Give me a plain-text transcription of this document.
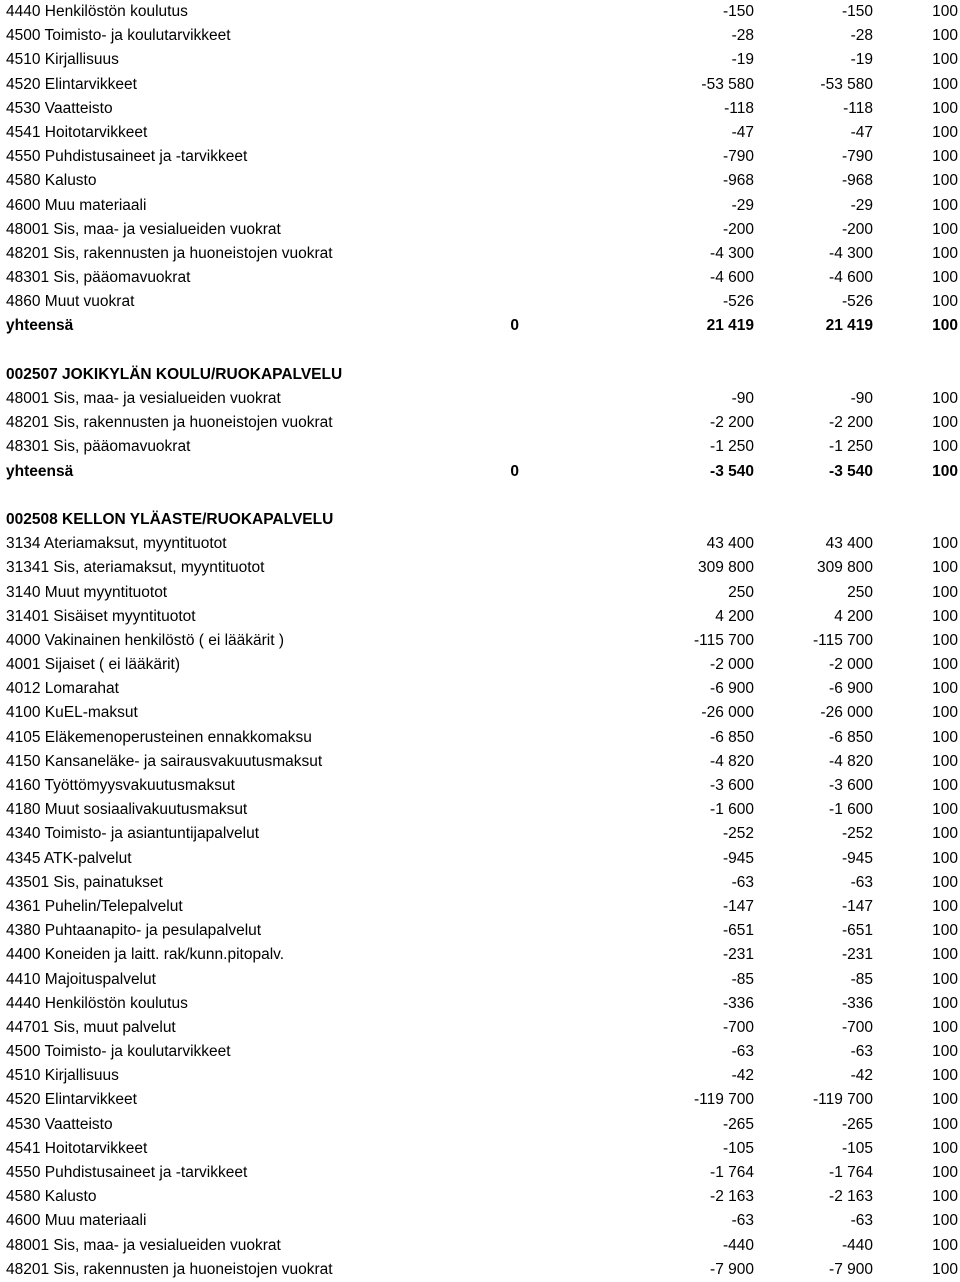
4440 Henkilöstön koulutus	-150	-150	100
4500 Toimisto- ja koulutarvikkeet	-28	-28	100
4510 Kirjallisuus	-19	-19	100
4520 Elintarvikkeet	-53 580	-53 580	100
4530 Vaatteisto	-118	-118	100
4541 Hoitotarvikkeet	-47	-47	100
4550 Puhdistusaineet ja -tarvikkeet	-790	-790	100
4580 Kalusto	-968	-968	100
4600 Muu materiaali	-29	-29	100
48001 Sis, maa- ja vesialueiden vuokrat	-200	-200	100
48201 Sis, rakennusten ja huoneistojen vuokrat	-4 300	-4 300	100
48301 Sis, pääomavuokrat	-4 600	-4 600	100
4860 Muut vuokrat	-526	-526	100
yhteensä	0	21 419	21 419	100
002507 JOKIKYLÄN KOULU/RUOKAPALVELU
48001 Sis, maa- ja vesialueiden vuokrat	-90	-90	100
48201 Sis, rakennusten ja huoneistojen vuokrat	-2 200	-2 200	100
48301 Sis, pääomavuokrat	-1 250	-1 250	100
yhteensä	0	-3 540	-3 540	100
002508 KELLON YLÄASTE/RUOKAPALVELU
3134 Ateriamaksut, myyntituotot	43 400	43 400	100
31341 Sis, ateriamaksut, myyntituotot	309 800	309 800	100
3140 Muut myyntituotot	250	250	100
31401 Sisäiset myyntituotot	4 200	4 200	100
4000 Vakinainen henkilöstö ( ei lääkärit )	-115 700	-115 700	100
4001 Sijaiset ( ei lääkärit)	-2 000	-2 000	100
4012 Lomarahat	-6 900	-6 900	100
4100 KuEL-maksut	-26 000	-26 000	100
4105 Eläkemenoperusteinen ennakkomaksu	-6 850	-6 850	100
4150 Kansaneläke- ja sairausvakuutusmaksut	-4 820	-4 820	100
4160 Työttömyysvakuutusmaksut	-3 600	-3 600	100
4180 Muut sosiaalivakuutusmaksut	-1 600	-1 600	100
4340 Toimisto- ja asiantuntijapalvelut	-252	-252	100
4345 ATK-palvelut	-945	-945	100
43501 Sis, painatukset	-63	-63	100
4361 Puhelin/Telepalvelut	-147	-147	100
4380 Puhtaanapito- ja pesulapalvelut	-651	-651	100
4400 Koneiden ja laitt. rak/kunn.pitopalv.	-231	-231	100
4410 Majoituspalvelut	-85	-85	100
4440 Henkilöstön koulutus	-336	-336	100
44701 Sis, muut palvelut	-700	-700	100
4500 Toimisto- ja koulutarvikkeet	-63	-63	100
4510 Kirjallisuus	-42	-42	100
4520 Elintarvikkeet	-119 700	-119 700	100
4530 Vaatteisto	-265	-265	100
4541 Hoitotarvikkeet	-105	-105	100
4550 Puhdistusaineet ja -tarvikkeet	-1 764	-1 764	100
4580 Kalusto	-2 163	-2 163	100
4600 Muu materiaali	-63	-63	100
48001 Sis, maa- ja vesialueiden vuokrat	-440	-440	100
48201 Sis, rakennusten ja huoneistojen vuokrat	-7 900	-7 900	100
